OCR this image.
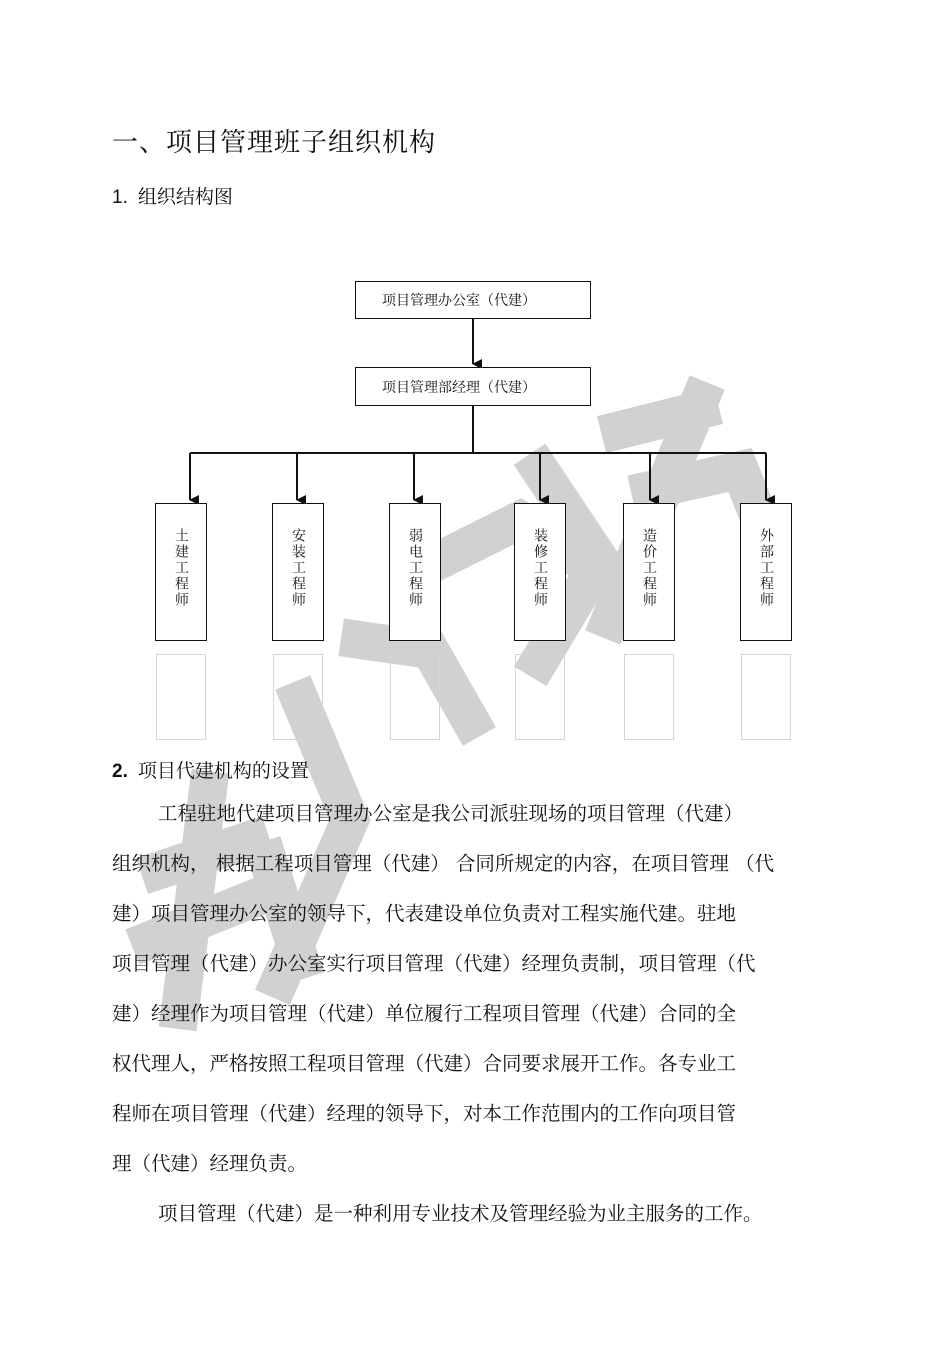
一、项目管理班子组织机构
1. 组织结构图
项目管理办公室（代建）
项目管理部经理（代建）
土建工程师	安装工程师	弱电工程师	装修工程师	造价工程师	外部工程师
2. 项目代建机构的设置
工程驻地代建项目管理办公室是我公司派驻现场的项目管理（代建）
组织机构， 根据工程项目管理（代建） 合同所规定的内容，在项目管理 （代
建）项目管理办公室的领导下，代表建设单位负责对工程实施代建。驻地
项目管理（代建）办公室实行项目管理（代建）经理负责制，项目管理（代
建）经理作为项目管理（代建）单位履行工程项目管理（代建）合同的全
权代理人，严格按照工程项目管理（代建）合同要求展开工作。各专业工
程师在项目管理（代建）经理的领导下，对本工作范围内的工作向项目管
理（代建）经理负责。
项目管理（代建）是一种利用专业技术及管理经验为业主服务的工作。
